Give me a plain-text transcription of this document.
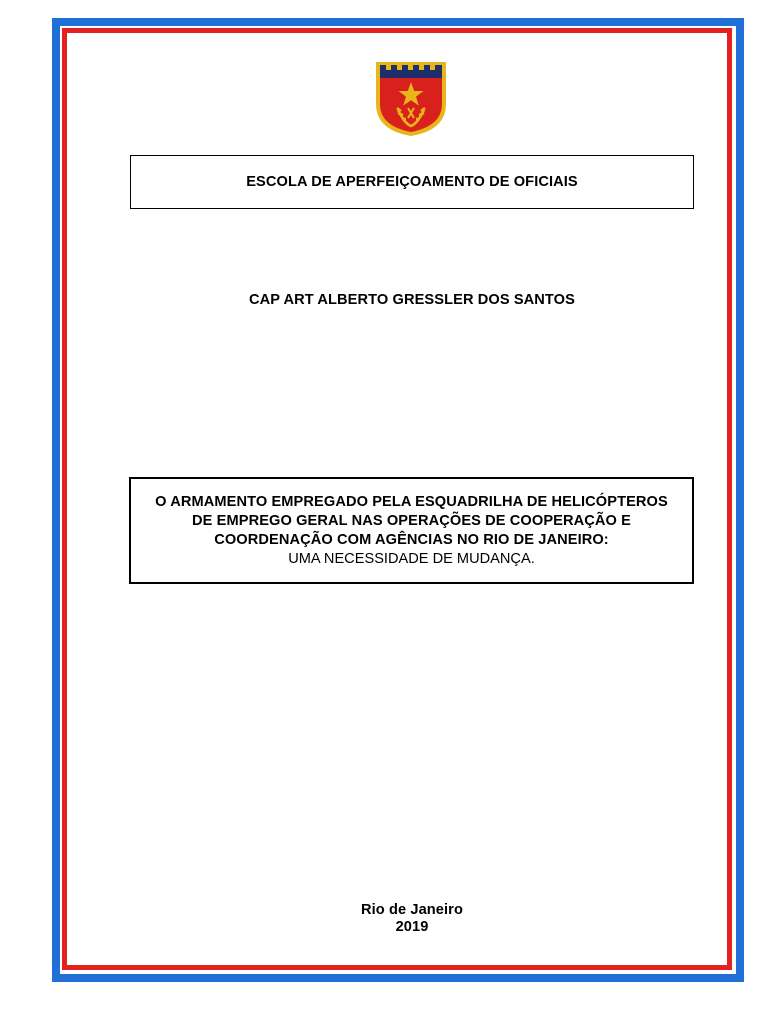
ESCOLA DE APERFEIÇOAMENTO DE OFICIAIS
CAP ART ALBERTO GRESSLER DOS SANTOS
O ARMAMENTO EMPREGADO PELA ESQUADRILHA DE HELICÓPTEROS
DE EMPREGO GERAL NAS OPERAÇÕES DE COOPERAÇÃO E
COORDENAÇÃO COM AGÊNCIAS NO RIO DE JANEIRO:
UMA NECESSIDADE DE MUDANÇA.
Rio de Janeiro
2019
